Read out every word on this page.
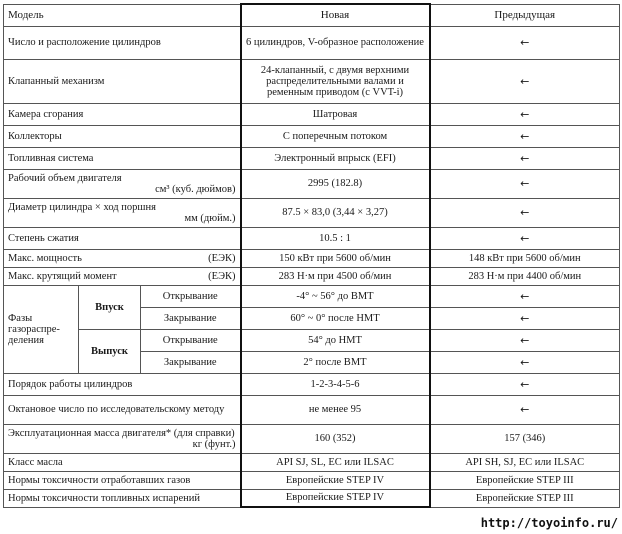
Модель			Новая	Предыдущая
Число и расположение цилиндров			6 цилиндров, V-образное расположение	←
Клапанный механизм			24-клапанный, с двумя верхними распределительными валами и ременным приводом (с VVT-i)	←
Камера сгорания			Шатровая	←
Коллекторы			С поперечным потоком	←
Топливная система			Электронный впрыск (EFI)	←

Рабочий объем двигателя
см³ (куб. дюймов)			2995 (182.8)	←

Диаметр цилиндра × ход поршня
мм (дюйм.)			87.5 × 83,0 (3,44 × 3,27)	←
Степень сжатия			10.5 : 1	←

Макс. мощность (ЕЭК)			150 кВт при 5600 об/мин	148 кВт при 5600 об/мин

Макс. крутящий момент (ЕЭК)			283 Н·м при 4500 об/мин	283 Н·м при 4400 об/мин
Фазы газораспре-деления	Впуск	Открывание	-4° ~ 56° до ВМТ	←
		Закрывание	60° ~ 0° после НМТ	←
	Выпуск	Открывание	54° до НМТ	←
		Закрывание	2° после ВМТ	←
Порядок работы цилиндров			1-2-3-4-5-6	←
Октановое число по исследовательскому методу			не менее 95	←

Эксплуатационная масса двигателя* (для справки)
кг (фунт.)			160 (352)	157 (346)
Класс масла			API SJ, SL, EC или ILSAC	API SH, SJ, EC или ILSAC
Нормы токсичности отработавших газов			Европейские STEP IV	Европейские STEP III
Нормы токсичности топливных испарений			Европейские STEP IV	Европейские STEP III
http://toyoinfo.ru/
